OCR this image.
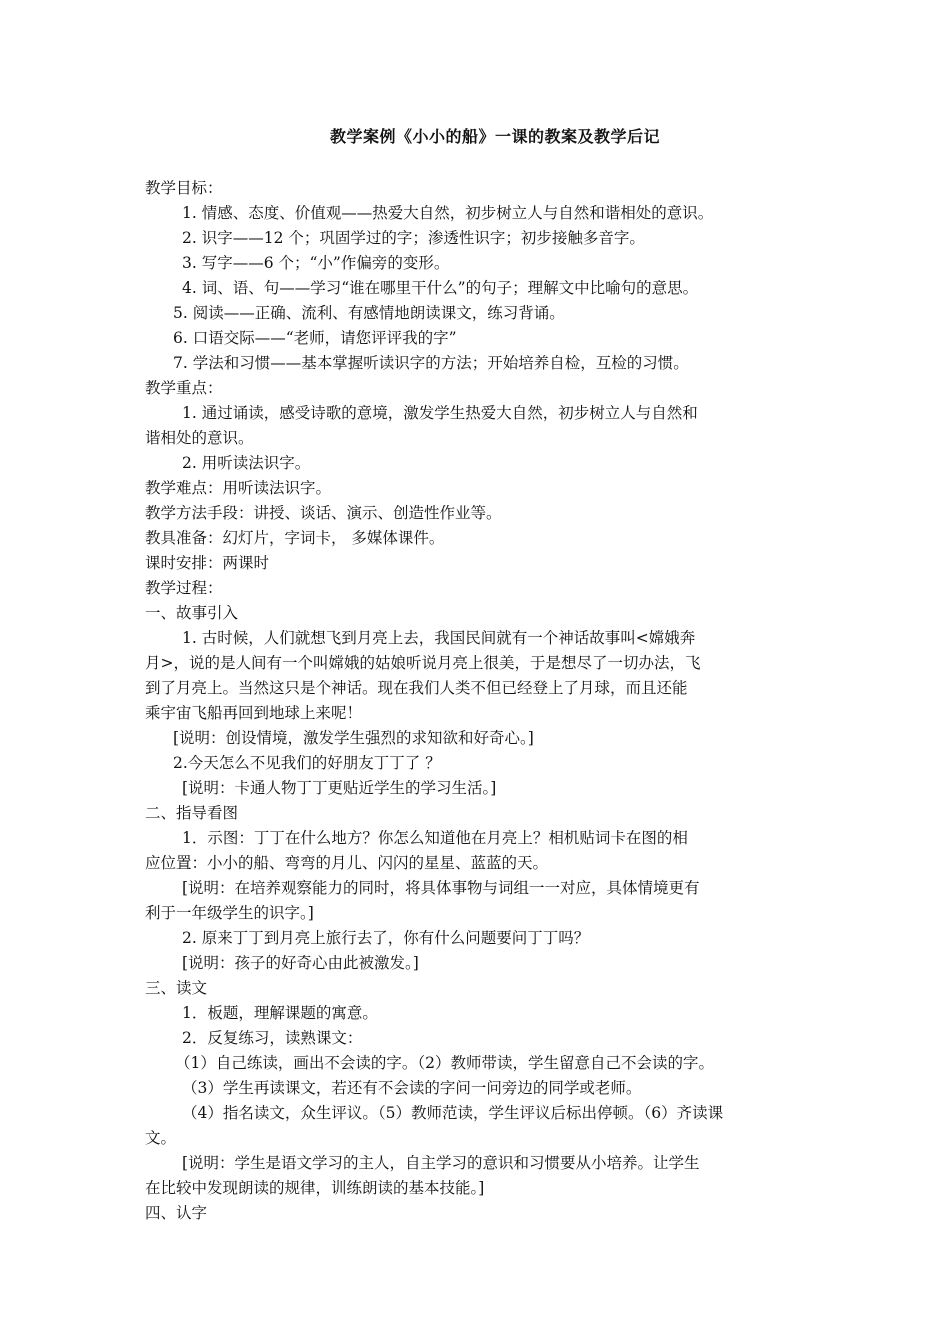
教学案例《小小的船》一课的教案及教学后记

教学目标：

1. 情感、态度、价值观——热爱大自然，初步树立人与自然和谐相处的意识。

2. 识字——12 个；巩固学过的字；渗透性识字；初步接触多音字。

3. 写字——6 个；“小”作偏旁的变形。

4. 词、语、句——学习“谁在哪里干什么”的句子；理解文中比喻句的意思。

5. 阅读——正确、流利、有感情地朗读课文，练习背诵。

6. 口语交际——“老师，请您评评我的字”

7. 学法和习惯——基本掌握听读识字的方法；开始培养自检，互检的习惯。

教学重点：

1. 通过诵读，感受诗歌的意境，激发学生热爱大自然，初步树立人与自然和

谐相处的意识。

2. 用听读法识字。

教学难点：用听读法识字。

教学方法手段：讲授、谈话、演示、创造性作业等。

教具准备：幻灯片，字词卡， 多媒体课件。

课时安排：两课时

教学过程：

一、故事引入

1. 古时候，人们就想飞到月亮上去，我国民间就有一个神话故事叫<嫦娥奔

月>，说的是人间有一个叫嫦娥的姑娘听说月亮上很美，于是想尽了一切办法，飞

到了月亮上。当然这只是个神话。现在我们人类不但已经登上了月球，而且还能

乘宇宙飞船再回到地球上来呢！

[说明：创设情境，激发学生强烈的求知欲和好奇心。]

2.今天怎么不见我们的好朋友丁丁了 ？

[说明：卡通人物丁丁更贴近学生的学习生活。]

二、指导看图

1．示图：丁丁在什么地方？你怎么知道他在月亮上？相机贴词卡在图的相

应位置：小小的船、弯弯的月儿、闪闪的星星、蓝蓝的天。

[说明：在培养观察能力的同时，将具体事物与词组一一对应，具体情境更有

利于一年级学生的识字。]

2. 原来丁丁到月亮上旅行去了，你有什么问题要问丁丁吗？

[说明：孩子的好奇心由此被激发。]

三、读文

1．板题，理解课题的寓意。

2．反复练习，读熟课文：

（1）自己练读，画出不会读的字。（2）教师带读，学生留意自己不会读的字。

（3）学生再读课文，若还有不会读的字问一问旁边的同学或老师。

（4）指名读文，众生评议。（5）教师范读，学生评议后标出停顿。（6）齐读课

文。

[说明：学生是语文学习的主人，自主学习的意识和习惯要从小培养。让学生

在比较中发现朗读的规律，训练朗读的基本技能。]

四、认字
